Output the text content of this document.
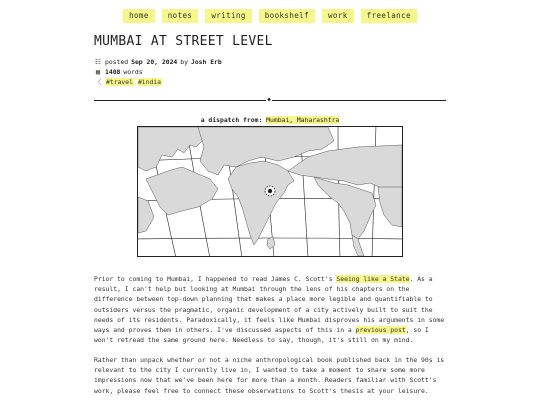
home	notes	writing	bookshelf	work	freelance
MUMBAI AT STREET LEVEL
☷ posted Sep 20, 2024 by Josh Erb
▦ 1408 words
〈 #travel #india
◆
a dispatch from: Mumbai, Maharashtra

Prior to coming to Mumbai, I happened to read James C. Scott's Seeing like a State. As a result, I can't help but looking at Mumbai through the lens of his chapters on the difference between top-down planning that makes a place more legible and quantifiable to outsiders versus the pragmatic, organic development of a city actively built to suit the needs of its residents. Paradoxically, it feels like Mumbai disproves his arguments in some ways and proves them in others. I've discussed aspects of this in a previous post, so I won't retread the same ground here. Needless to say, though, it's still on my mind.

Rather than unpack whether or not a niche anthropological book published back in the 90s is relevant to the city I currently live in, I wanted to take a moment to share some more impressions now that we've been here for more than a month. Readers familiar with Scott's work, please feel free to connect these observations to Scott's thesis at your leisure.
